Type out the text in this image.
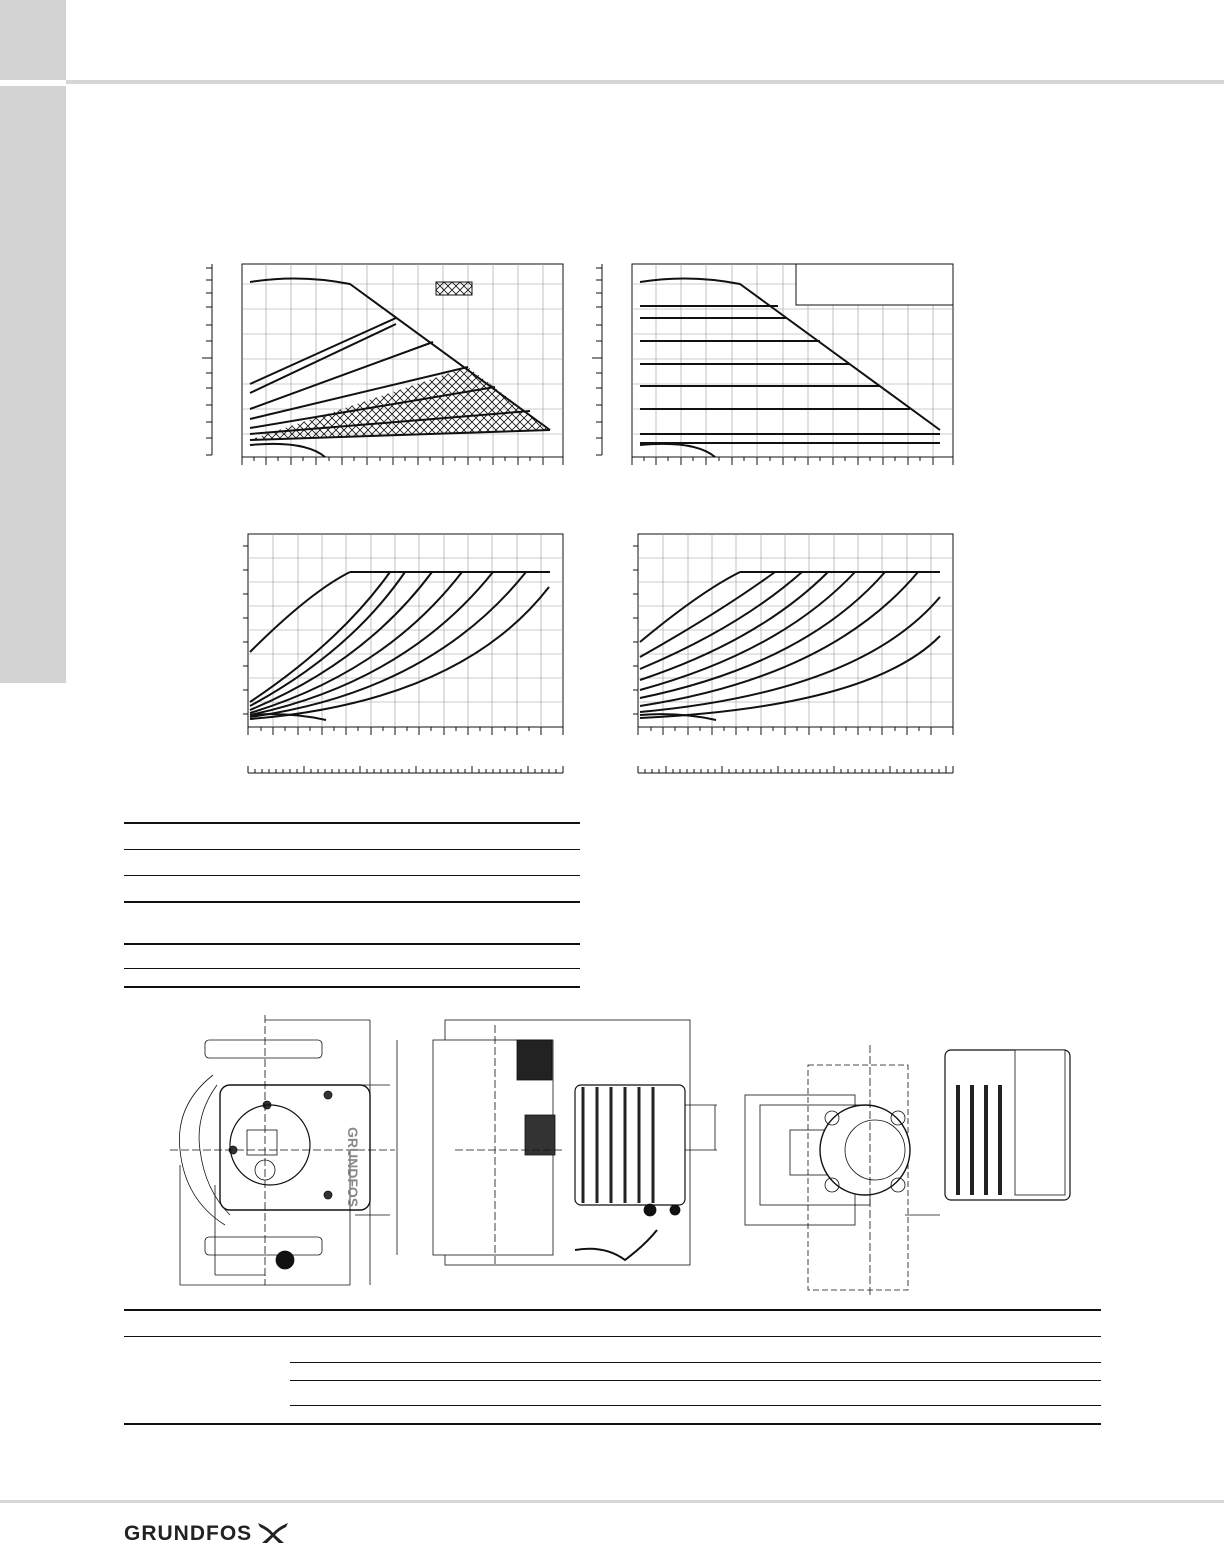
GRUNDFOS
GRUNDFOS
